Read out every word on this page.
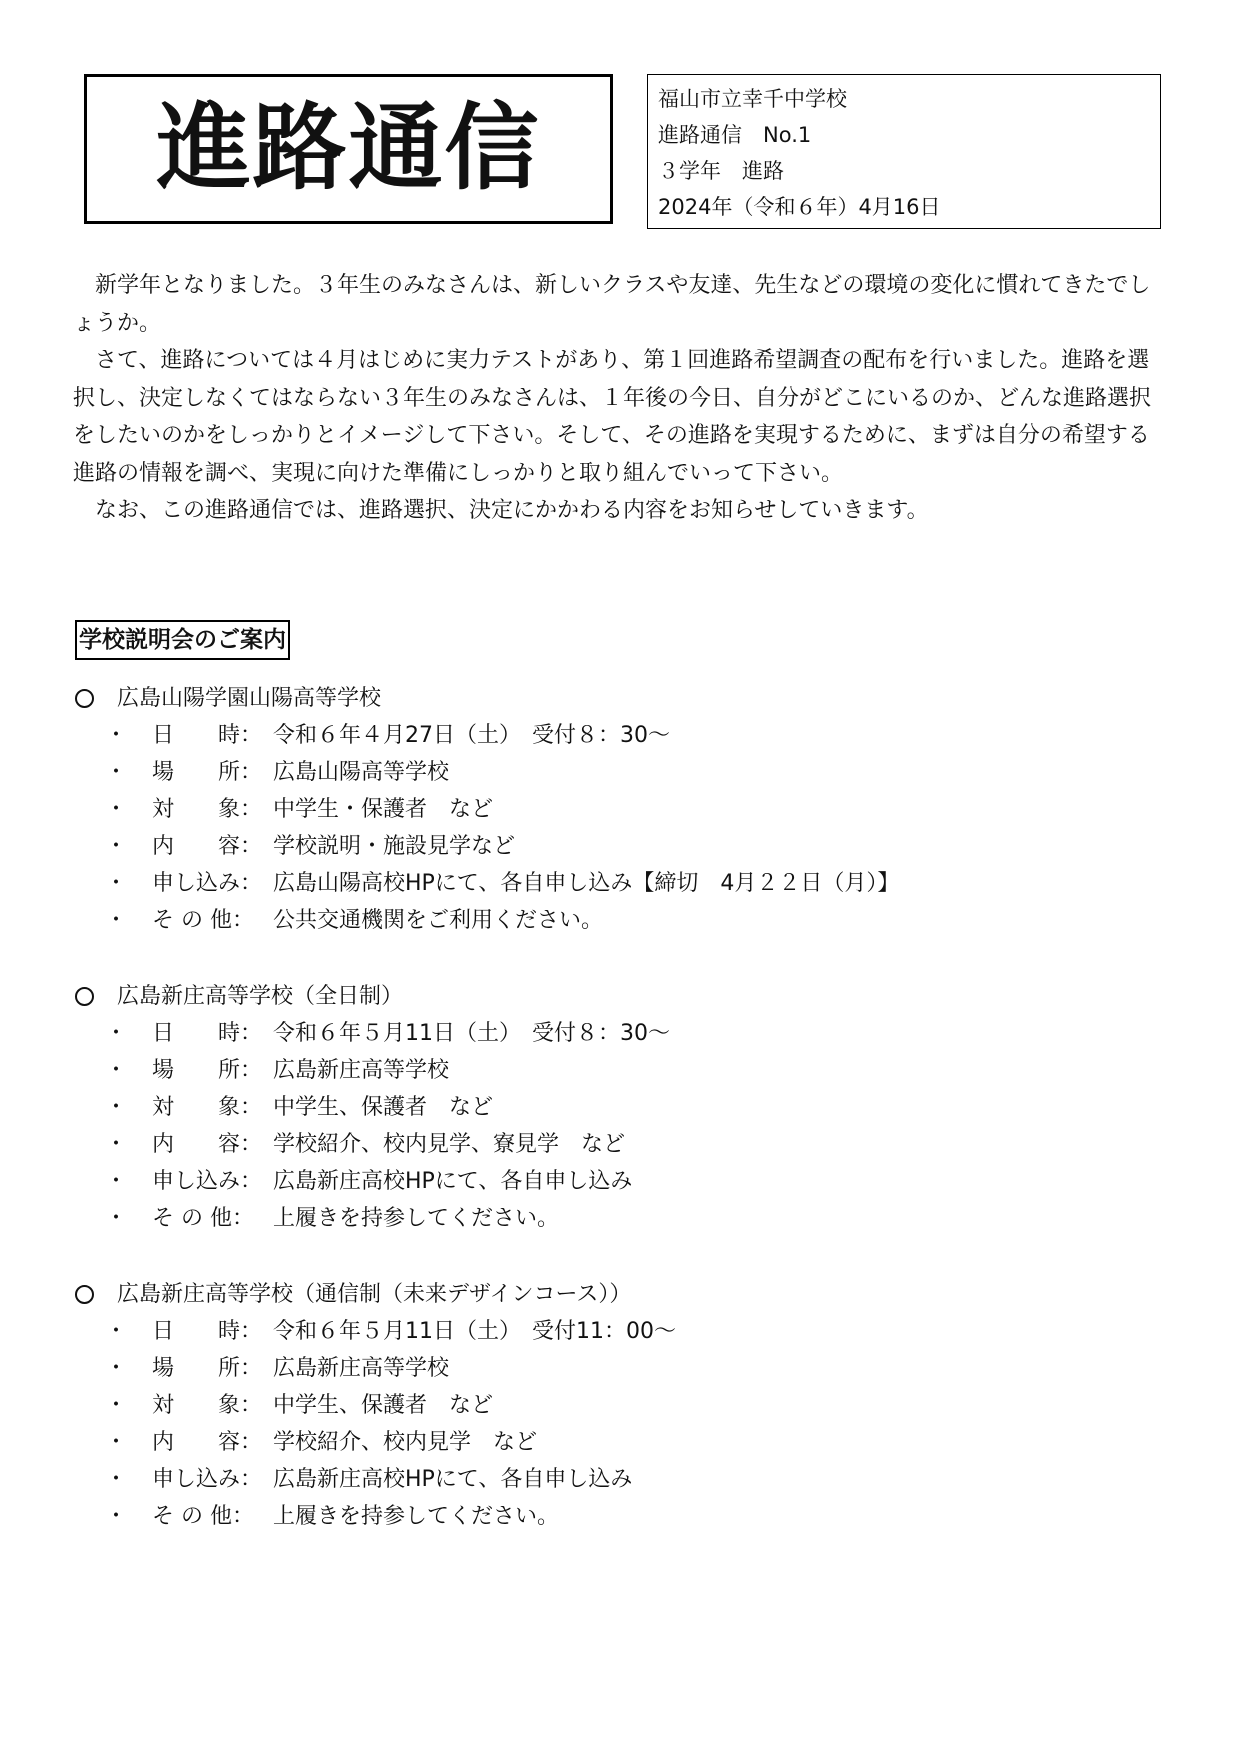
進路通信	福山市立幸千中学校
進路通信　No.1
３学年　進路
2024年（令和６年）4月16日

新学年となりました。３年生のみなさんは、新しいクラスや友達、先生などの環境の変化に慣れてきたでしょうか。

さて、進路については４月はじめに実力テストがあり、第１回進路希望調査の配布を行いました。進路を選択し、決定しなくてはならない３年生のみなさんは、１年後の今日、自分がどこにいるのか、どんな進路選択をしたいのかをしっかりとイメージして下さい。そして、その進路を実現するために、まずは自分の希望する進路の情報を調べ、実現に向けた準備にしっかりと取り組んでいって下さい。

なお、この進路通信では、進路選択、決定にかかわる内容をお知らせしていきます。

学校説明会のご案内
広島山陽学園山陽高等学校
・	日　　時： 令和６年４月27日（土）　受付８：30～
・	場　　所： 広島山陽高等学校
・	対　　象： 中学生・保護者　など
・	内　　容： 学校説明・施設見学など
・	申し込み： 広島山陽高校HPにて、各自申し込み【締切　4月２２日（月）】
・	そ の 他： 公共交通機関をご利用ください。
広島新庄高等学校（全日制）
・	日　　時： 令和６年５月11日（土）　受付８：30～
・	場　　所： 広島新庄高等学校
・	対　　象： 中学生、保護者　など
・	内　　容： 学校紹介、校内見学、寮見学　など
・	申し込み： 広島新庄高校HPにて、各自申し込み
・	そ の 他： 上履きを持参してください。
広島新庄高等学校（通信制（未来デザインコース））
・	日　　時： 令和６年５月11日（土）　受付11：00～
・	場　　所： 広島新庄高等学校
・	対　　象： 中学生、保護者　など
・	内　　容： 学校紹介、校内見学　など
・	申し込み： 広島新庄高校HPにて、各自申し込み
・	そ の 他： 上履きを持参してください。
